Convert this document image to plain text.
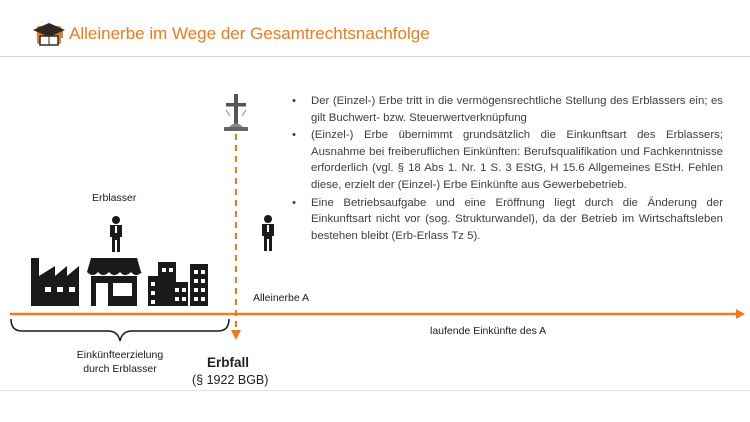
Alleinerbe im Wege der Gesamtrechtsnachfolge
• Der (Einzel-) Erbe tritt in die vermögensrechtliche Stellung des Erblassers ein; es gilt Buchwert- bzw. Steuerwertverknüpfung
• (Einzel-) Erbe übernimmt grundsätzlich die Einkunftsart des Erblassers; Ausnahme bei freiberuflichen Einkünften: Berufsqualifikation und Fachkenntnisse erforderlich (vgl. § 18 Abs 1. Nr. 1 S. 3 EStG, H 15.6 Allgemeines EStH. Fehlen diese, erzielt der (Einzel-) Erbe Einkünfte aus Gewerbebetrieb.
• Eine Betriebsaufgabe und eine Eröffnung liegt durch die Änderung der Einkunftsart nicht vor (sog. Strukturwandel), da der Betrieb im Wirtschaftsleben bestehen bleibt (Erb-Erlass Tz 5).
Erblasser
Alleinerbe A
laufende Einkünfte des A
Einkünfteerzielung
durch Erblasser	Erbfall
(§ 1922 BGB)
